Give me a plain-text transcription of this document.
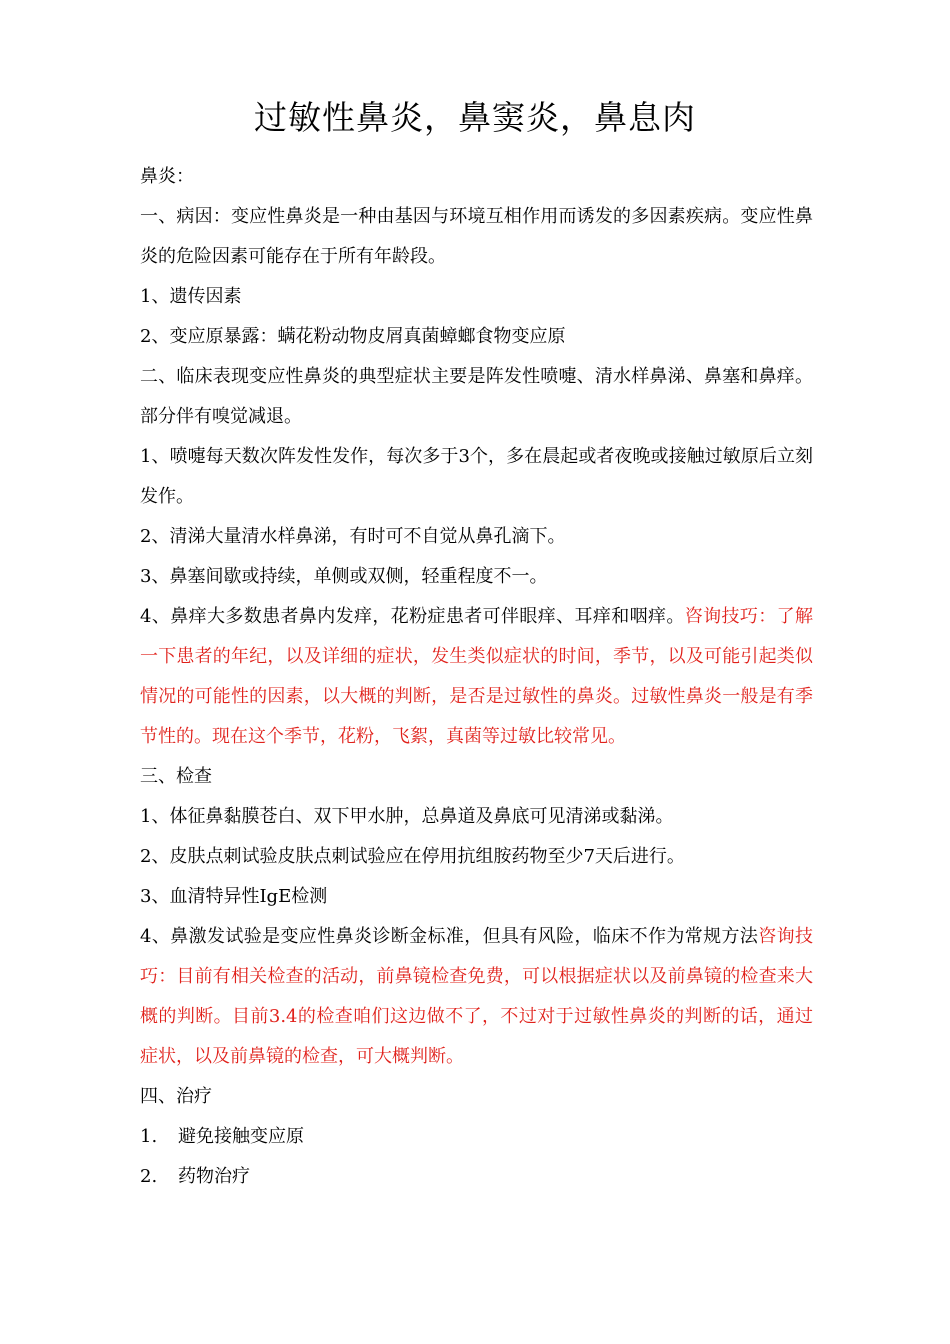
过敏性鼻炎，鼻窦炎，鼻息肉

鼻炎：

一、病因：变应性鼻炎是一种由基因与环境互相作用而诱发的多因素疾病。变应性鼻炎的危险因素可能存在于所有年龄段。

1、遗传因素

2、变应原暴露：螨花粉动物皮屑真菌蟑螂食物变应原

二、临床表现变应性鼻炎的典型症状主要是阵发性喷嚏、清水样鼻涕、鼻塞和鼻痒。部分伴有嗅觉减退。

1、喷嚏每天数次阵发性发作，每次多于3个，多在晨起或者夜晚或接触过敏原后立刻发作。

2、清涕大量清水样鼻涕，有时可不自觉从鼻孔滴下。

3、鼻塞间歇或持续，单侧或双侧，轻重程度不一。

4、鼻痒大多数患者鼻内发痒，花粉症患者可伴眼痒、耳痒和咽痒。咨询技巧：了解一下患者的年纪，以及详细的症状，发生类似症状的时间，季节，以及可能引起类似情况的可能性的因素，以大概的判断，是否是过敏性的鼻炎。过敏性鼻炎一般是有季节性的。现在这个季节，花粉，飞絮，真菌等过敏比较常见。

三、检查

1、体征鼻黏膜苍白、双下甲水肿，总鼻道及鼻底可见清涕或黏涕。

2、皮肤点刺试验皮肤点刺试验应在停用抗组胺药物至少7天后进行。

3、血清特异性IgE检测

4、鼻激发试验是变应性鼻炎诊断金标准，但具有风险，临床不作为常规方法咨询技巧：目前有相关检查的活动，前鼻镜检查免费，可以根据症状以及前鼻镜的检查来大概的判断。目前3.4的检查咱们这边做不了，不过对于过敏性鼻炎的判断的话，通过症状，以及前鼻镜的检查，可大概判断。

四、治疗

1. 避免接触变应原

2. 药物治疗
